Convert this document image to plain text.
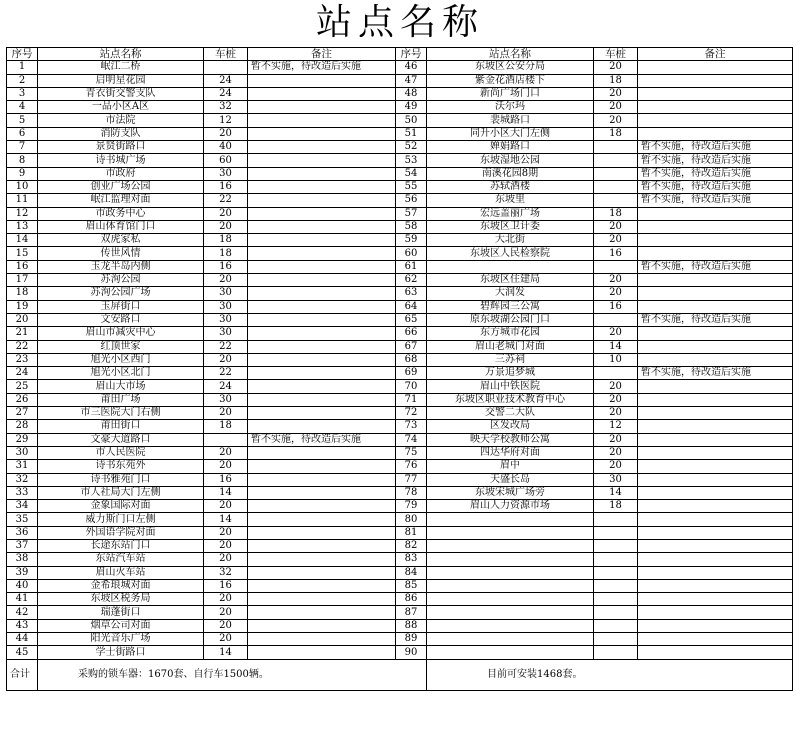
站点名称
序号	站点名称	车桩	备注	序号	站点名称	车桩	备注
1	岷江二桥		暂不实施，待改造后实施	46	东坡区公安分局	20	
2	启明星花园	24		47	紫金花酒店楼下	18	
3	青衣街交警支队	24		48	新尚广场门口	20	
4	一品小区A区	32		49	沃尔玛	20	
5	市法院	12		50	裴城路口	20	
6	消防支队	20		51	同升小区大门左侧	18	
7	景贤街路口	40		52	婵娟路口		暂不实施，待改造后实施
8	诗书城广场	60		53	东坡湿地公园		暂不实施，待改造后实施
9	市政府	30		54	南溪花园8期		暂不实施，待改造后实施
10	创业广场公园	16		55	苏轼酒楼		暂不实施，待改造后实施
11	岷江监理对面	22		56	东坡里		暂不实施，待改造后实施
12	市政务中心	20		57	宏远盖丽广场	18	
13	眉山体育馆门口	20		58	东坡区卫计委	20	
14	双虎家私	18		59	大北街	20	
15	传世风情	18		60	东坡区人民检察院	16	
16	玉龙半岛内侧	16		61			暂不实施，待改造后实施
17	苏洵公园	20		62	东坡区住建局	20	
18	苏洵公园广场	30		63	大润发	20	
19	玉屏街口	30		64	碧辉园三公寓	16	
20	文安路口	30		65	原东坡湖公园门口		暂不实施，待改造后实施
21	眉山市减灾中心	30		66	东方城市花园	20	
22	红顶世家	22		67	眉山老城门对面	14	
23	旭光小区西门	20		68	三苏祠	10	
24	旭光小区北门	22		69	万景追梦城		暂不实施，待改造后实施
25	眉山大市场	24		70	眉山中铁医院	20	
26	莆田广场	30		71	东坡区职业技术教育中心	20	
27	市三医院大门右侧	20		72	交警二大队	20	
28	莆田街口	18		73	区发改局	12	
29	文豪大道路口		暂不实施，待改造后实施	74	映天学校教师公寓	20	
30	市人民医院	20		75	四达华府对面	20	
31	诗书东苑外	20		76	眉中	20	
32	诗书雅苑门口	16		77	天盛长岛	30	
33	市人社局大门左侧	14		78	东坡宋城广场旁	14	
34	金象国际对面	20		79	眉山人力资源市场	18	
35	威力斯门口左侧	14		80			
36	外国语学院对面	20		81			
37	长途东站门口	20		82			
38	东站汽车站	20		83			
39	眉山火车站	32		84			
40	金希琅城对面	16		85			
41	东坡区税务局	20		86			
42	瑞蓬街口	20		87			
43	烟草公司对面	20		88			
44	阳光音乐广场	20		89			
45	学士街路口	14		90			
合计	采购的锁车器：1670套、自行车1500辆。				目前可安装1468套。		
